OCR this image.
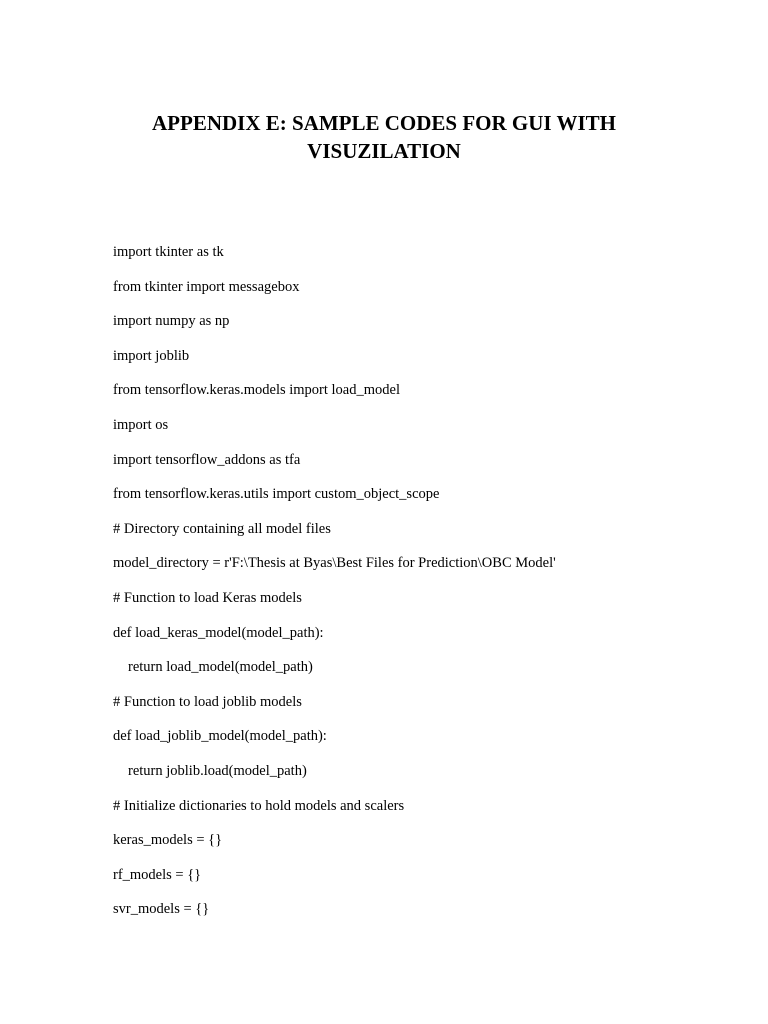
APPENDIX E: SAMPLE CODES FOR GUI WITH
VISUZILATION
import tkinter as tk
from tkinter import messagebox
import numpy as np
import joblib
from tensorflow.keras.models import load_model
import os
import tensorflow_addons as tfa
from tensorflow.keras.utils import custom_object_scope
# Directory containing all model files
model_directory = r'F:\Thesis at Byas\Best Files for Prediction\OBC Model'
# Function to load Keras models
def load_keras_model(model_path):
return load_model(model_path)
# Function to load joblib models
def load_joblib_model(model_path):
return joblib.load(model_path)
# Initialize dictionaries to hold models and scalers
keras_models = {}
rf_models = {}
svr_models = {}
